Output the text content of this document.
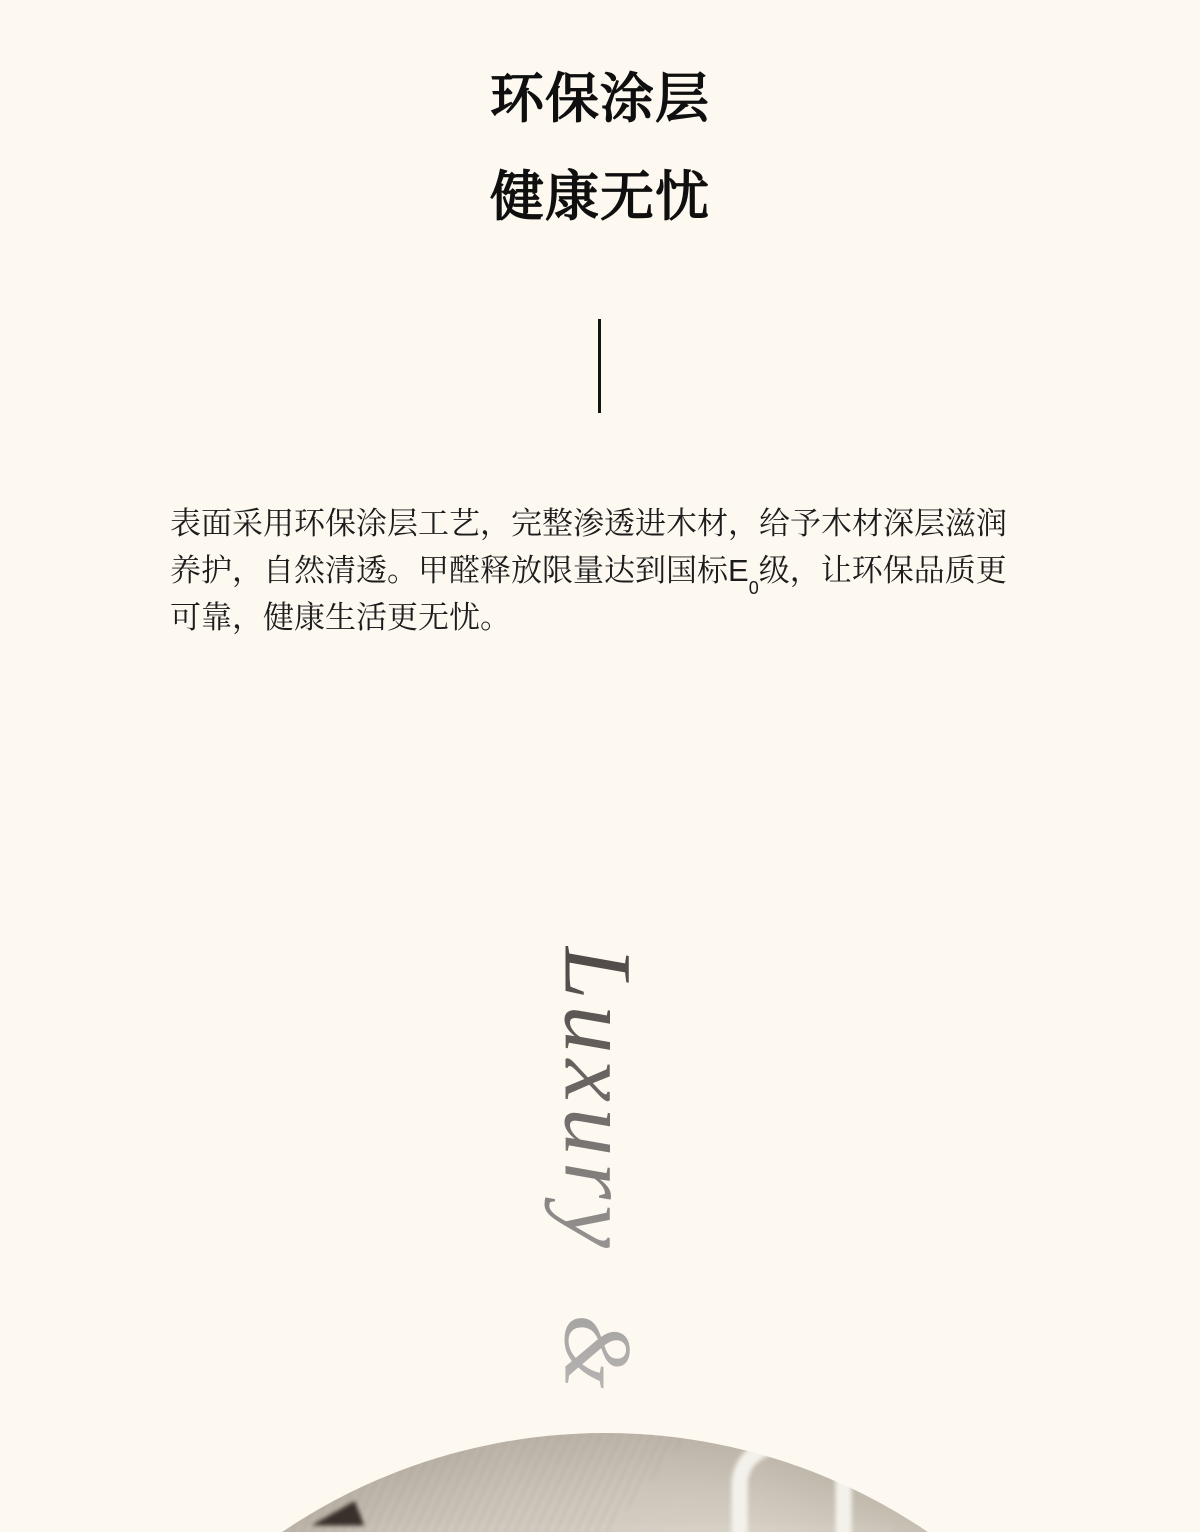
环保涂层
健康无忧
表面采用环保涂层工艺，完整渗透进木材，给予木材深层滋润
养护，自然清透。甲醛释放限量达到国标$E_0$级，让环保品质更
可靠，健康生活更无忧。
Luxury &
